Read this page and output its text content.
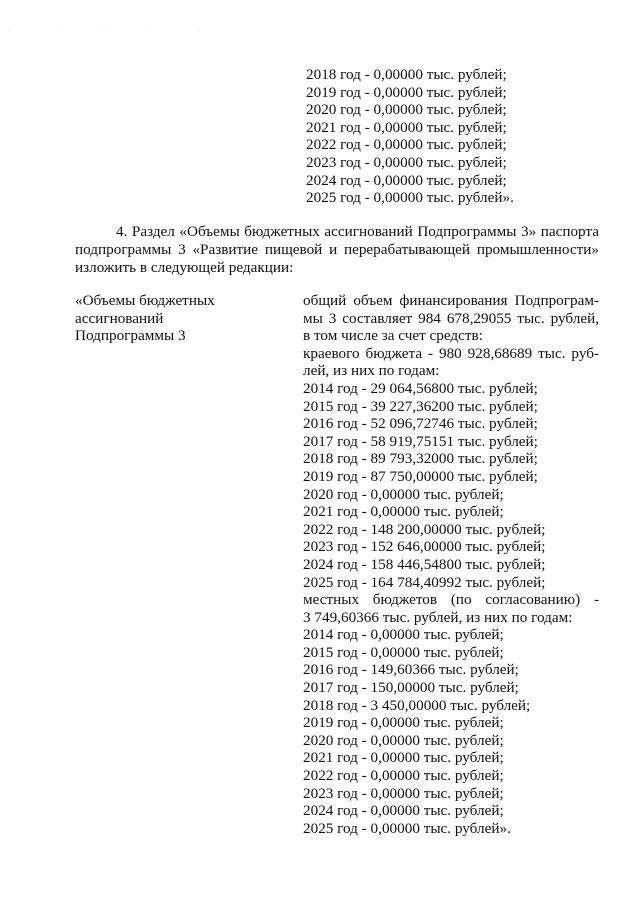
· · · · ·

2018 год - 0,00000 тыс. рублей;

2019 год - 0,00000 тыс. рублей;

2020 год - 0,00000 тыс. рублей;

2021 год - 0,00000 тыс. рублей;

2022 год - 0,00000 тыс. рублей;

2023 год - 0,00000 тыс. рублей;

2024 год - 0,00000 тыс. рублей;

2025 год - 0,00000 тыс. рублей».

4. Раздел «Объемы бюджетных ассигнований Подпрограммы 3» паспорта

подпрограммы 3 «Развитие пищевой и перерабатывающей промышленности»

изложить в следующей редакции:

«Объемы бюджетных

ассигнований

Подпрограммы 3

общий объем финансирования Подпрограм-

мы 3 составляет 984 678,29055 тыс. рублей,

в том числе за счет средств:

краевого бюджета - 980 928,68689 тыс. руб-

лей, из них по годам:

2014 год - 29 064,56800 тыс. рублей;

2015 год - 39 227,36200 тыс. рублей;

2016 год - 52 096,72746 тыс. рублей;

2017 год - 58 919,75151 тыс. рублей;

2018 год - 89 793,32000 тыс. рублей;

2019 год - 87 750,00000 тыс. рублей;

2020 год - 0,00000 тыс. рублей;

2021 год - 0,00000 тыс. рублей;

2022 год - 148 200,00000 тыс. рублей;

2023 год - 152 646,00000 тыс. рублей;

2024 год - 158 446,54800 тыс. рублей;

2025 год - 164 784,40992 тыс. рублей;

местных бюджетов (по согласованию) -

3 749,60366 тыс. рублей, из них по годам:

2014 год - 0,00000 тыс. рублей;

2015 год - 0,00000 тыс. рублей;

2016 год - 149,60366 тыс. рублей;

2017 год - 150,00000 тыс. рублей;

2018 год - 3 450,00000 тыс. рублей;

2019 год - 0,00000 тыс. рублей;

2020 год - 0,00000 тыс. рублей;

2021 год - 0,00000 тыс. рублей;

2022 год - 0,00000 тыс. рублей;

2023 год - 0,00000 тыс. рублей;

2024 год - 0,00000 тыс. рублей;

2025 год - 0,00000 тыс. рублей».
